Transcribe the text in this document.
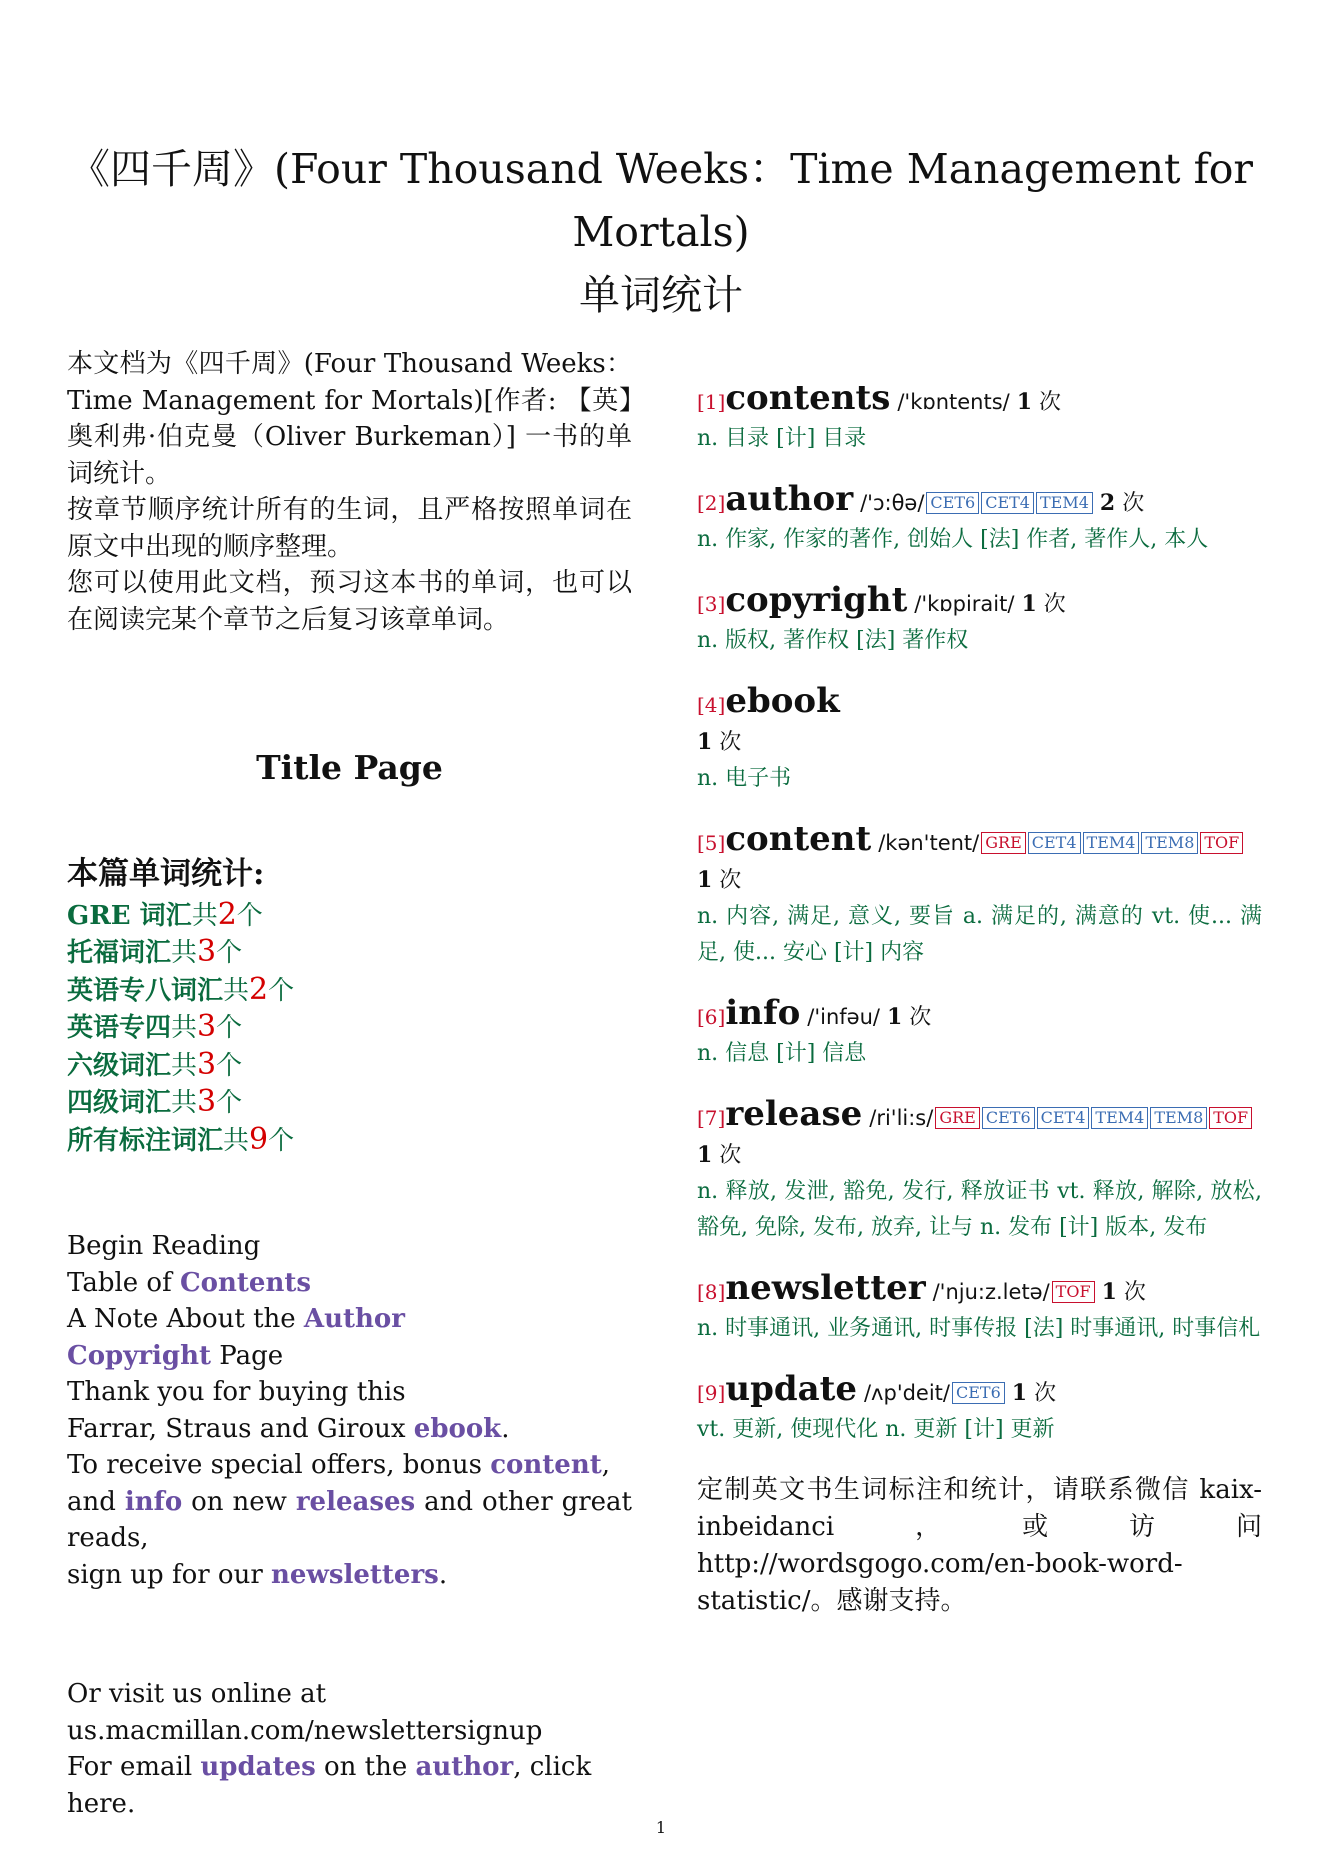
《四千周》(Four Thousand Weeks：Time Management for Mortals)
单词统计

本文档为《四千周》(Four Thousand Weeks：Time Management for Mortals)[作者: 【英】奥利弗·伯克曼（Oliver Burkeman）] 一书的单词统计。

按章节顺序统计所有的生词，且严格按照单词在原文中出现的顺序整理。

您可以使用此文档，预习这本书的单词，也可以在阅读完某个章节之后复习该章单词。

Title Page
本篇单词统计:
GRE 词汇共2个
托福词汇共3个
英语专八词汇共2个
英语专四共3个
六级词汇共3个
四级词汇共3个
所有标注词汇共9个
Begin Reading
Table of Contents
A Note About the Author
Copyright Page
Thank you for buying this
Farrar, Straus and Giroux ebook.
To receive special offers, bonus content,
and info on new releases and other great
reads,
sign up for our newsletters.
Or visit us online at
us.macmillan.com/newslettersignup
For email updates on the author, click here.
[1]contents /'kɒntents/ 1 次
n. 目录 [计] 目录
[2]author /'ɔ:θə/ CET6 CET4 TEM4 2 次
n. 作家, 作家的著作, 创始人 [法] 作者, 著作人, 本人
[3]copyright /'kɒpirait/ 1 次
n. 版权, 著作权 [法] 著作权
[4]ebook
1 次
n. 电子书
[5]content /kən'tent/ GRE CET4 TEM4 TEM8 TOF 1 次
n. 内容, 满足, 意义, 要旨 a. 满足的, 满意的 vt. 使... 满足, 使... 安心 [计] 内容
[6]info /'infəu/ 1 次
n. 信息 [计] 信息
[7]release /ri'li:s/ GRE CET6 CET4 TEM4 TEM8 TOF 1 次
n. 释放, 发泄, 豁免, 发行, 释放证书 vt. 释放, 解除, 放松, 豁免, 免除, 发布, 放弃, 让与 n. 发布 [计] 版本, 发布
[8]newsletter /'nju:z.letə/ TOF 1 次
n. 时事通讯, 业务通讯, 时事传报 [法] 时事通讯, 时事信札
[9]update /ʌp'deit/ CET6 1 次
vt. 更新, 使现代化 n. 更新 [计] 更新
定制英文书生词标注和统计，请联系微信 kaix-inbeidanci，或访问 http://wordsgogo.com/en-book-word-statistic/。感谢支持。
1
